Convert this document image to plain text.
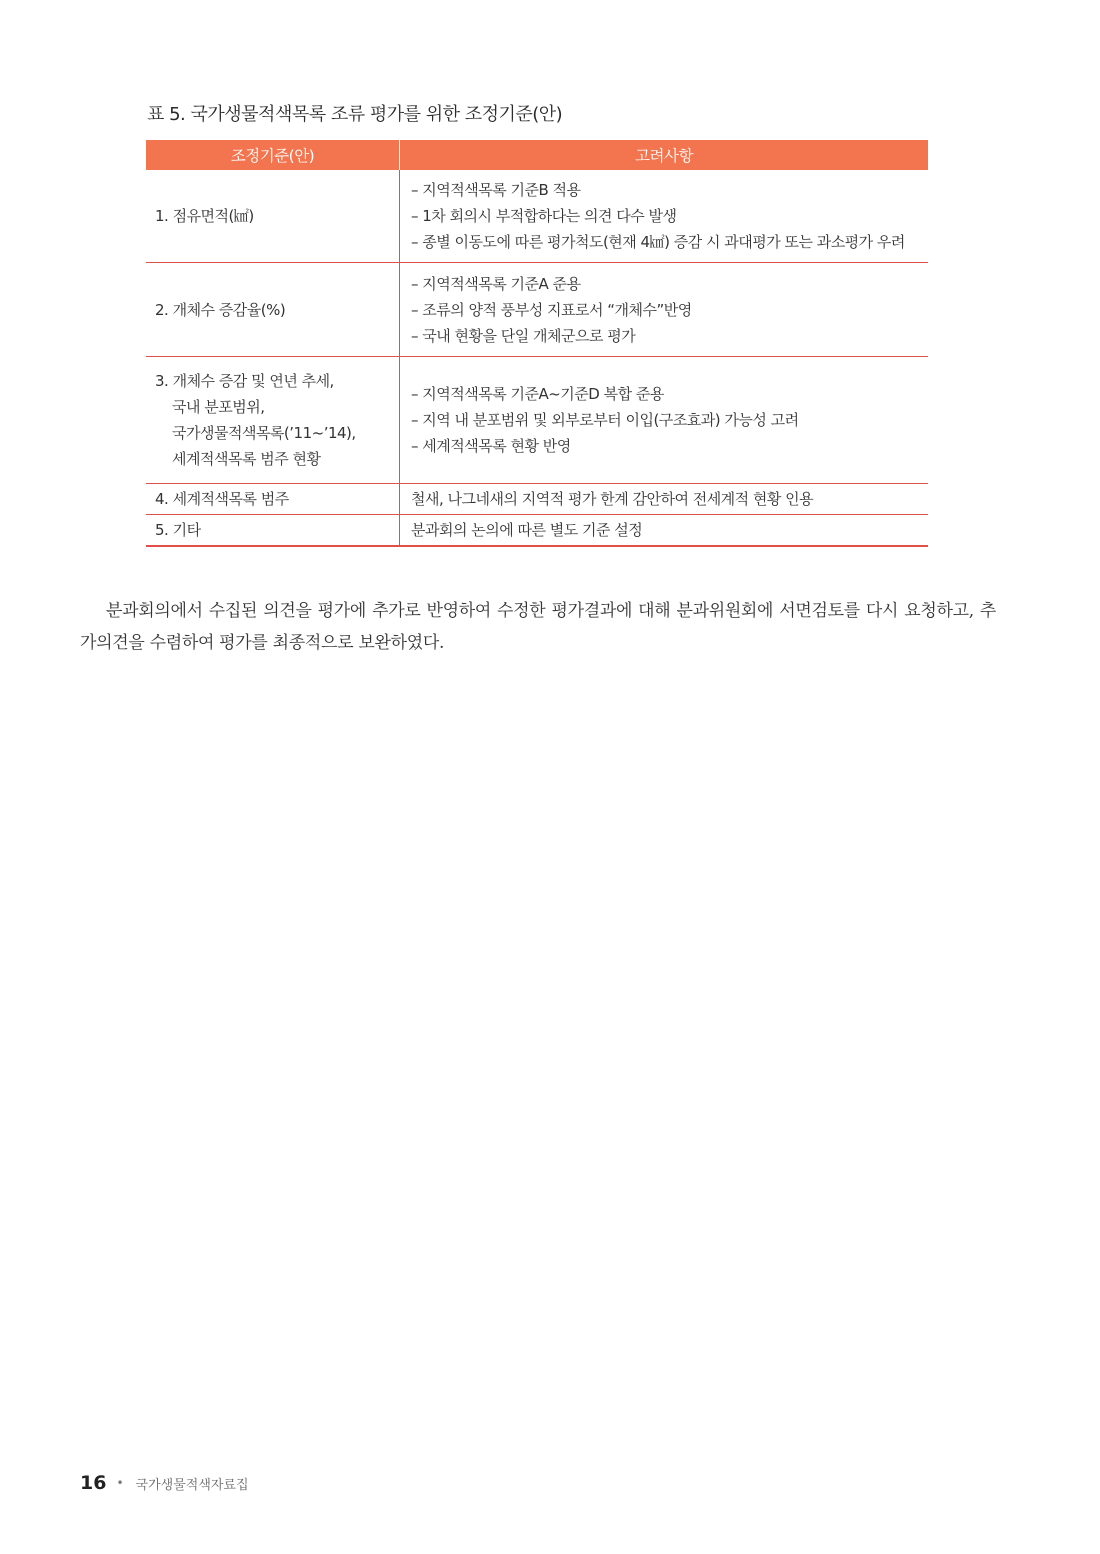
표 5. 국가생물적색목록 조류 평가를 위한 조정기준(안)
조정기준(안)	고려사항

1. 점유면적(㎢)	– 지역적색목록 기준B 적용
– 1차 회의시 부적합하다는 의견 다수 발생
– 종별 이동도에 따른 평가척도(현재 4㎢) 증감 시 과대평가 또는 과소평가 우려

2. 개체수 증감율(%)	– 지역적색목록 기준A 준용
– 조류의 양적 풍부성 지표로서 “개체수”반영
– 국내 현황을 단일 개체군으로 평가

3. 개체수 증감 및 연년 추세,
국내 분포범위,
국가생물적색목록(’11~’14),
세계적색목록 범주 현황	– 지역적색목록 기준A~기준D 복합 준용
– 지역 내 분포범위 및 외부로부터 이입(구조효과) 가능성 고려
– 세계적색목록 현황 반영

4. 세계적색목록 범주	철새, 나그네새의 지역적 평가 한계 감안하여 전세계적 현황 인용

5. 기타	분과회의 논의에 따른 별도 기준 설정

분과회의에서 수집된 의견을 평가에 추가로 반영하여 수정한 평가결과에 대해 분과위원회에 서면검토를 다시 요청하고, 추가의견을 수렴하여 평가를 최종적으로 보완하였다.

16 • 국가생물적색자료집
